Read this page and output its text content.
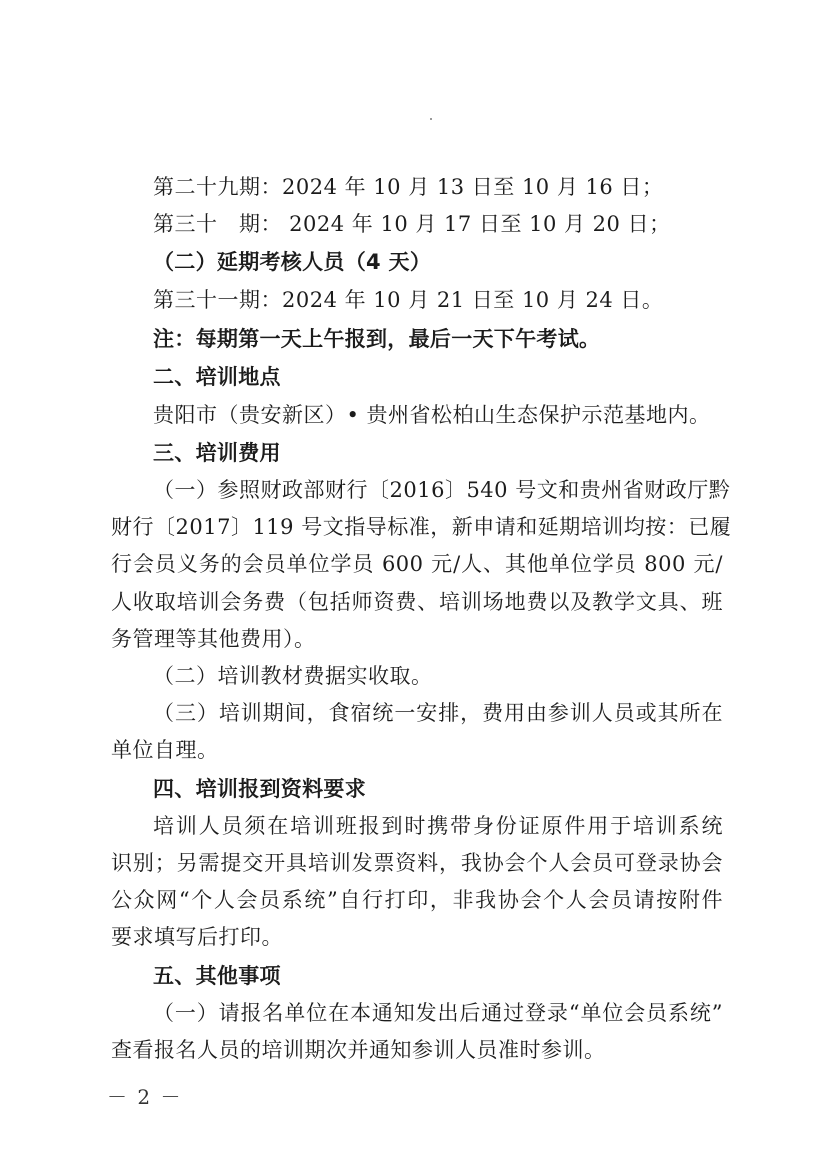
第二十九期：2024 年 10 月 13 日至 10 月 16 日；
第三十　期： 2024 年 10 月 17 日至 10 月 20 日；
（二）延期考核人员（4 天）
第三十一期：2024 年 10 月 21 日至 10 月 24 日。
注：每期第一天上午报到，最后一天下午考试。
二、培训地点
贵阳市（贵安新区）• 贵州省松柏山生态保护示范基地内。
三、培训费用
（一）参照财政部财行〔2016〕540 号文和贵州省财政厅黔
财行〔2017〕119 号文指导标准，新申请和延期培训均按：已履
行会员义务的会员单位学员 600 元/人、其他单位学员 800 元/
人收取培训会务费（包括师资费、培训场地费以及教学文具、班
务管理等其他费用）。
（二）培训教材费据实收取。
（三）培训期间，食宿统一安排，费用由参训人员或其所在
单位自理。
四、培训报到资料要求
培训人员须在培训班报到时携带身份证原件用于培训系统
识别；另需提交开具培训发票资料，我协会个人会员可登录协会
公众网“个人会员系统”自行打印，非我协会个人会员请按附件
要求填写后打印。
五、其他事项
（一）请报名单位在本通知发出后通过登录“单位会员系统”
查看报名人员的培训期次并通知参训人员准时参训。
－ 2 －
